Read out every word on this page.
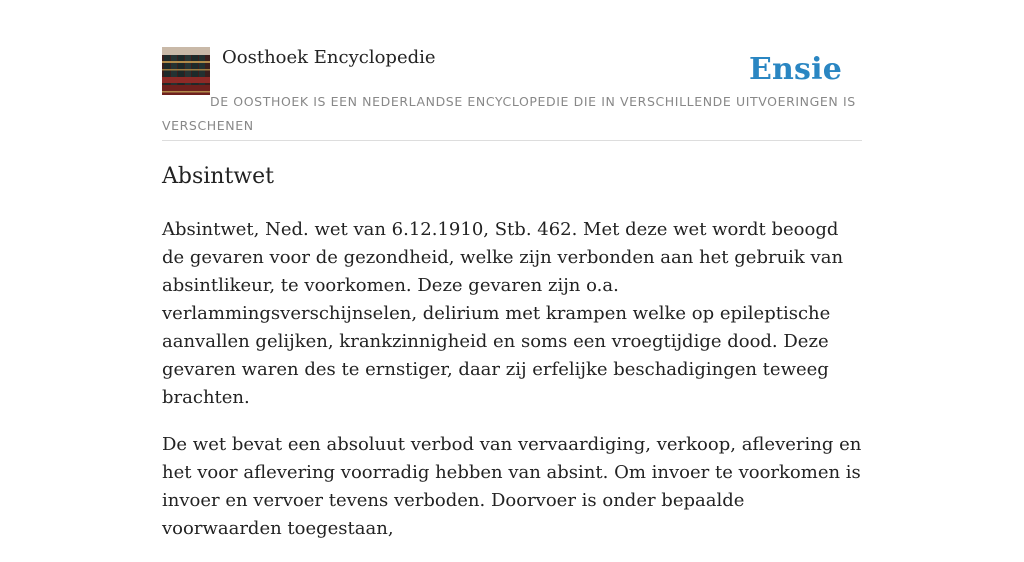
Oosthoek Encyclopedie	Ensie

DE OOSTHOEK IS EEN NEDERLANDSE ENCYCLOPEDIE DIE IN VERSCHILLENDE UITVOERINGEN IS VERSCHENEN

Absintwet

Absintwet, Ned. wet van 6.12.1910, Stb. 462. Met deze wet wordt beoogd de gevaren voor de gezondheid, welke zijn verbonden aan het gebruik van absintlikeur, te voorkomen. Deze gevaren zijn o.a. verlammingsverschijnselen, delirium met krampen welke op epileptische aanvallen gelijken, krankzinnigheid en soms een vroegtijdige dood. Deze gevaren waren des te ernstiger, daar zij erfelijke beschadigingen teweeg brachten.

De wet bevat een absoluut verbod van vervaardiging, verkoop, aflevering en het voor aflevering voorradig hebben van absint. Om invoer te voorkomen is invoer en vervoer tevens verboden. Doorvoer is onder bepaalde voorwaarden toegestaan,
